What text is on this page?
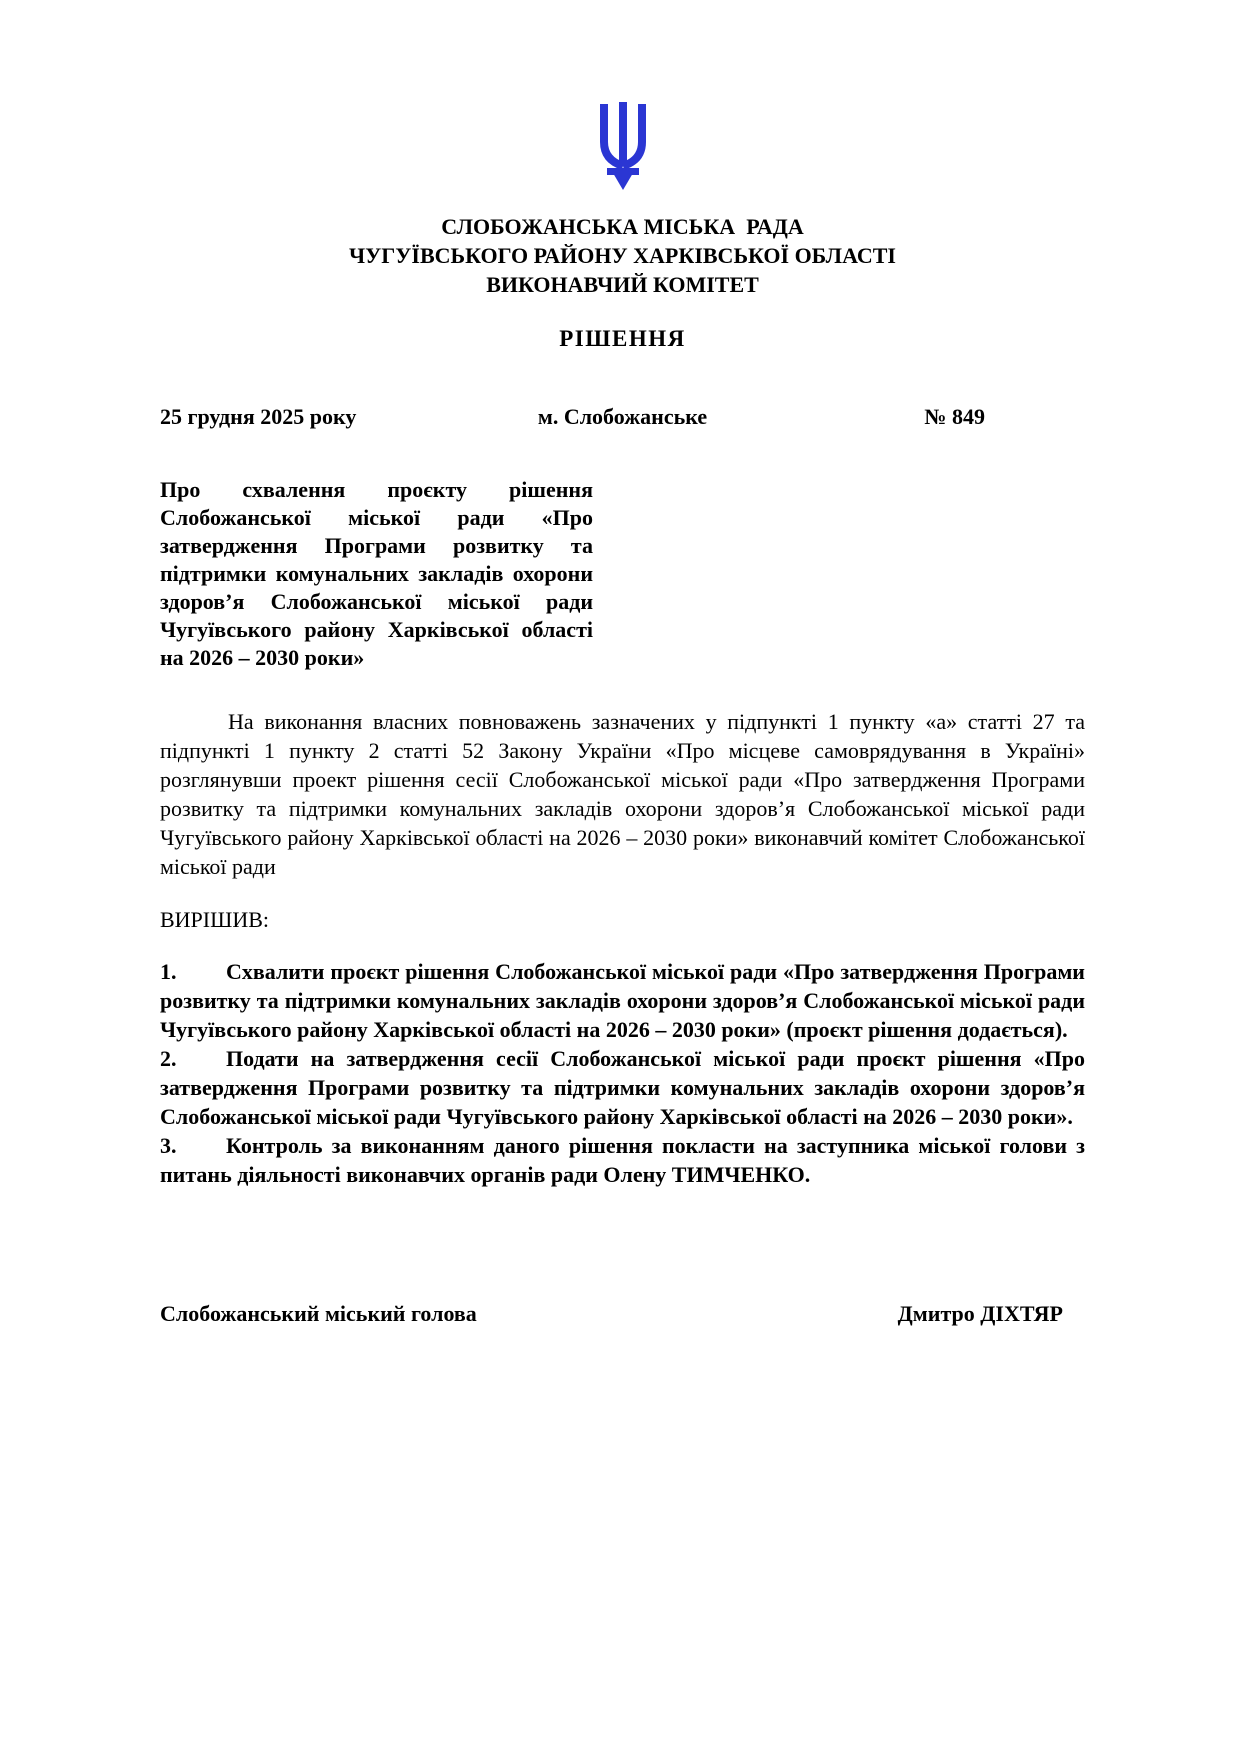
СЛОБОЖАНСЬКА МІСЬКА  РАДА
ЧУГУЇВСЬКОГО РАЙОНУ ХАРКІВСЬКОЇ ОБЛАСТІ
ВИКОНАВЧИЙ КОМІТЕТ
РІШЕННЯ
25 грудня 2025 року	м. Слобожанське	№ 849
Про схвалення проєкту рішення Слобожанської міської ради «Про затвердження Програми розвитку та підтримки комунальних закладів охорони здоров’я Слобожанської міської ради Чугуївського району Харківської області на 2026 – 2030 роки»
На виконання власних повноважень зазначених у підпункті 1 пункту «а» статті 27 та підпункті 1 пункту 2 статті 52 Закону України «Про місцеве самоврядування в Україні» розглянувши проект рішення сесії Слобожанської міської ради «Про затвердження Програми розвитку та підтримки комунальних закладів охорони здоров’я Слобожанської міської ради Чугуївського району Харківської області на 2026 – 2030 роки» виконавчий комітет Слобожанської міської ради
ВИРІШИВ:

1. Схвалити проєкт рішення Слобожанської міської ради «Про затвердження Програми розвитку та підтримки комунальних закладів охорони здоров’я Слобожанської міської ради Чугуївського району Харківської області на 2026 – 2030 роки» (проєкт рішення додається).

2. Подати на затвердження сесії Слобожанської міської ради проєкт рішення «Про затвердження Програми розвитку та підтримки комунальних закладів охорони здоров’я Слобожанської міської ради Чугуївського району Харківської області на 2026 – 2030 роки».

3. Контроль за виконанням даного рішення покласти на заступника міської голови з питань діяльності виконавчих органів ради Олену ТИМЧЕНКО.

Слобожанський міський голова	Дмитро ДІХТЯР
